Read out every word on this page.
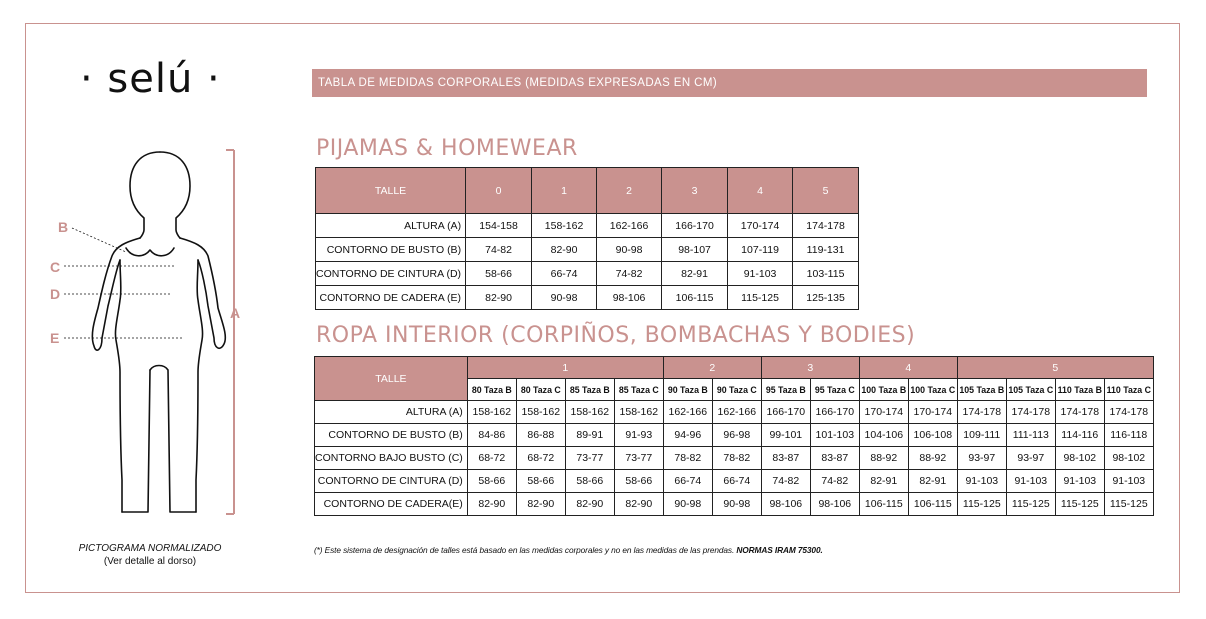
· selú ·	TABLA DE MEDIDAS CORPORALES (MEDIDAS EXPRESADAS EN CM)
B
C
D
E
A
PICTOGRAMA NORMALIZADO
(Ver detalle al dorso)
PIJAMAS & HOMEWEAR
TALLE	0	1	2	3	4	5
ALTURA (A)	154-158	158-162	162-166	166-170	170-174	174-178
CONTORNO DE BUSTO (B)	74-82	82-90	90-98	98-107	107-119	119-131
CONTORNO DE CINTURA (D)	58-66	66-74	74-82	82-91	91-103	103-115
CONTORNO DE CADERA (E)	82-90	90-98	98-106	106-115	115-125	125-135
ROPA INTERIOR (CORPIÑOS, BOMBACHAS Y BODIES)
TALLE	1				2		3		4		5			
	80 Taza B	80 Taza C	85 Taza B	85 Taza C	90 Taza B	90 Taza C	95 Taza B	95 Taza C	100 Taza B	100 Taza C	105 Taza B	105 Taza C	110 Taza B	110 Taza C
ALTURA (A)	158-162	158-162	158-162	158-162	162-166	162-166	166-170	166-170	170-174	170-174	174-178	174-178	174-178	174-178
CONTORNO DE BUSTO (B)	84-86	86-88	89-91	91-93	94-96	96-98	99-101	101-103	104-106	106-108	109-111	111-113	114-116	116-118
CONTORNO BAJO BUSTO (C)	68-72	68-72	73-77	73-77	78-82	78-82	83-87	83-87	88-92	88-92	93-97	93-97	98-102	98-102
CONTORNO DE CINTURA (D)	58-66	58-66	58-66	58-66	66-74	66-74	74-82	74-82	82-91	82-91	91-103	91-103	91-103	91-103
CONTORNO DE CADERA(E)	82-90	82-90	82-90	82-90	90-98	90-98	98-106	98-106	106-115	106-115	115-125	115-125	115-125	115-125
(*) Este sistema de designación de talles está basado en las medidas corporales y no en las medidas de las prendas. NORMAS IRAM 75300.
